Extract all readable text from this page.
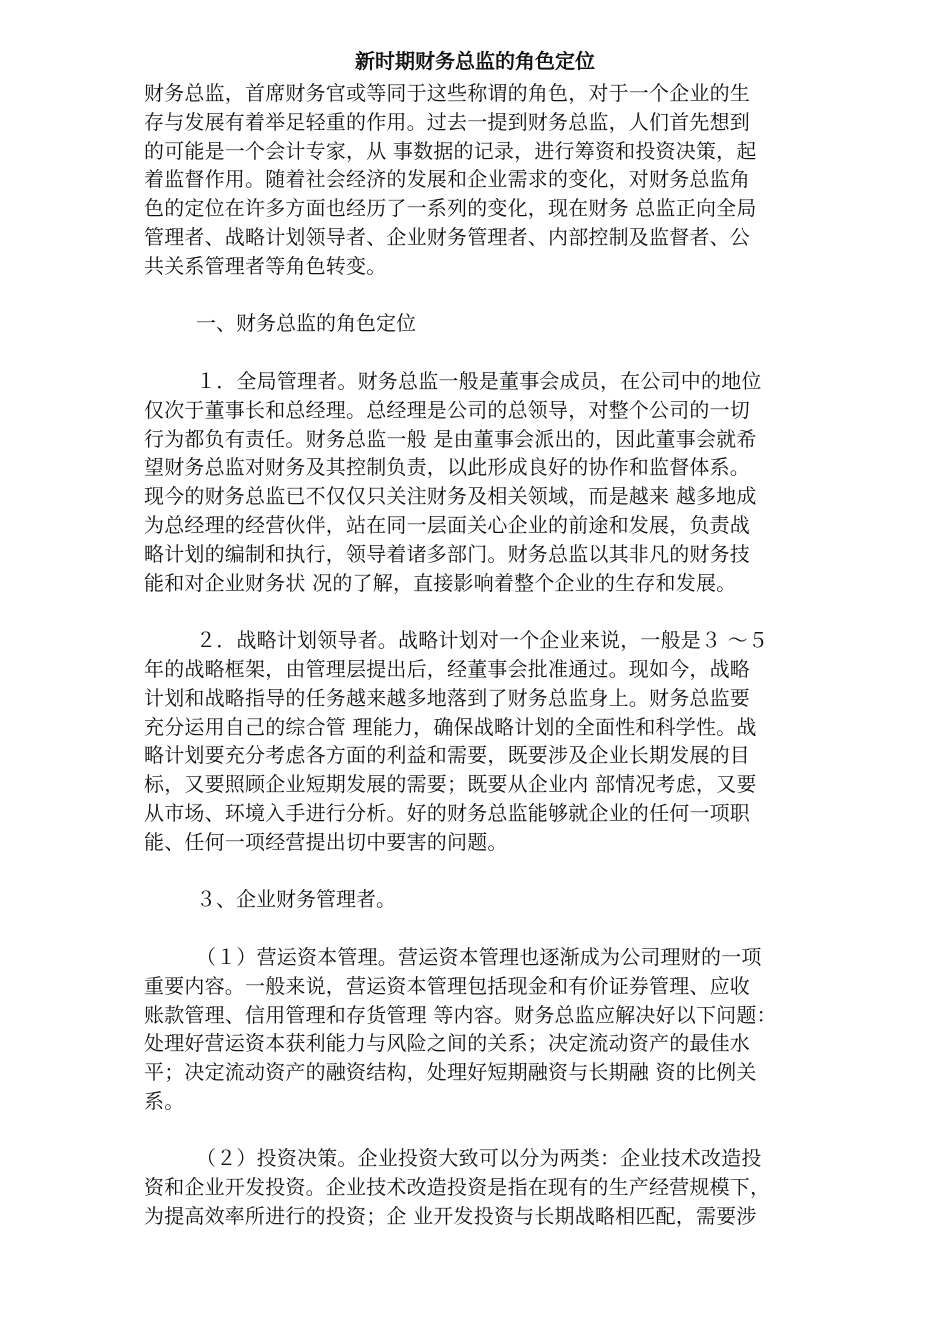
新时期财务总监的角色定位

财务总监，首席财务官或等同于这些称谓的角色，对于一个企业的生
存与发展有着举足轻重的作用。过去一提到财务总监，人们首先想到
的可能是一个会计专家，从 事数据的记录，进行筹资和投资决策，起
着监督作用。随着社会经济的发展和企业需求的变化，对财务总监角
色的定位在许多方面也经历了一系列的变化，现在财务 总监正向全局
管理者、战略计划领导者、企业财务管理者、内部控制及监督者、公
共关系管理者等角色转变。

一、财务总监的角色定位

１．全局管理者。财务总监一般是董事会成员，在公司中的地位
仅次于董事长和总经理。总经理是公司的总领导，对整个公司的一切
行为都负有责任。财务总监一般 是由董事会派出的，因此董事会就希
望财务总监对财务及其控制负责，以此形成良好的协作和监督体系。
现今的财务总监已不仅仅只关注财务及相关领域，而是越来 越多地成
为总经理的经营伙伴，站在同一层面关心企业的前途和发展，负责战
略计划的编制和执行，领导着诸多部门。财务总监以其非凡的财务技
能和对企业财务状 况的了解，直接影响着整个企业的生存和发展。

２．战略计划领导者。战略计划对一个企业来说，一般是３ ～５
年的战略框架，由管理层提出后，经董事会批准通过。现如今，战略
计划和战略指导的任务越来越多地落到了财务总监身上。财务总监要
充分运用自己的综合管 理能力，确保战略计划的全面性和科学性。战
略计划要充分考虑各方面的利益和需要，既要涉及企业长期发展的目
标，又要照顾企业短期发展的需要；既要从企业内 部情况考虑，又要
从市场、环境入手进行分析。好的财务总监能够就企业的任何一项职
能、任何一项经营提出切中要害的问题。

３、企业财务管理者。

（１）营运资本管理。营运资本管理也逐渐成为公司理财的一项
重要内容。一般来说，营运资本管理包括现金和有价证券管理、应收
账款管理、信用管理和存货管理 等内容。财务总监应解决好以下问题：
处理好营运资本获利能力与风险之间的关系；决定流动资产的最佳水
平；决定流动资产的融资结构，处理好短期融资与长期融 资的比例关
系。

（２）投资决策。企业投资大致可以分为两类：企业技术改造投
资和企业开发投资。企业技术改造投资是指在现有的生产经营规模下，
为提高效率所进行的投资；企 业开发投资与长期战略相匹配，需要涉
